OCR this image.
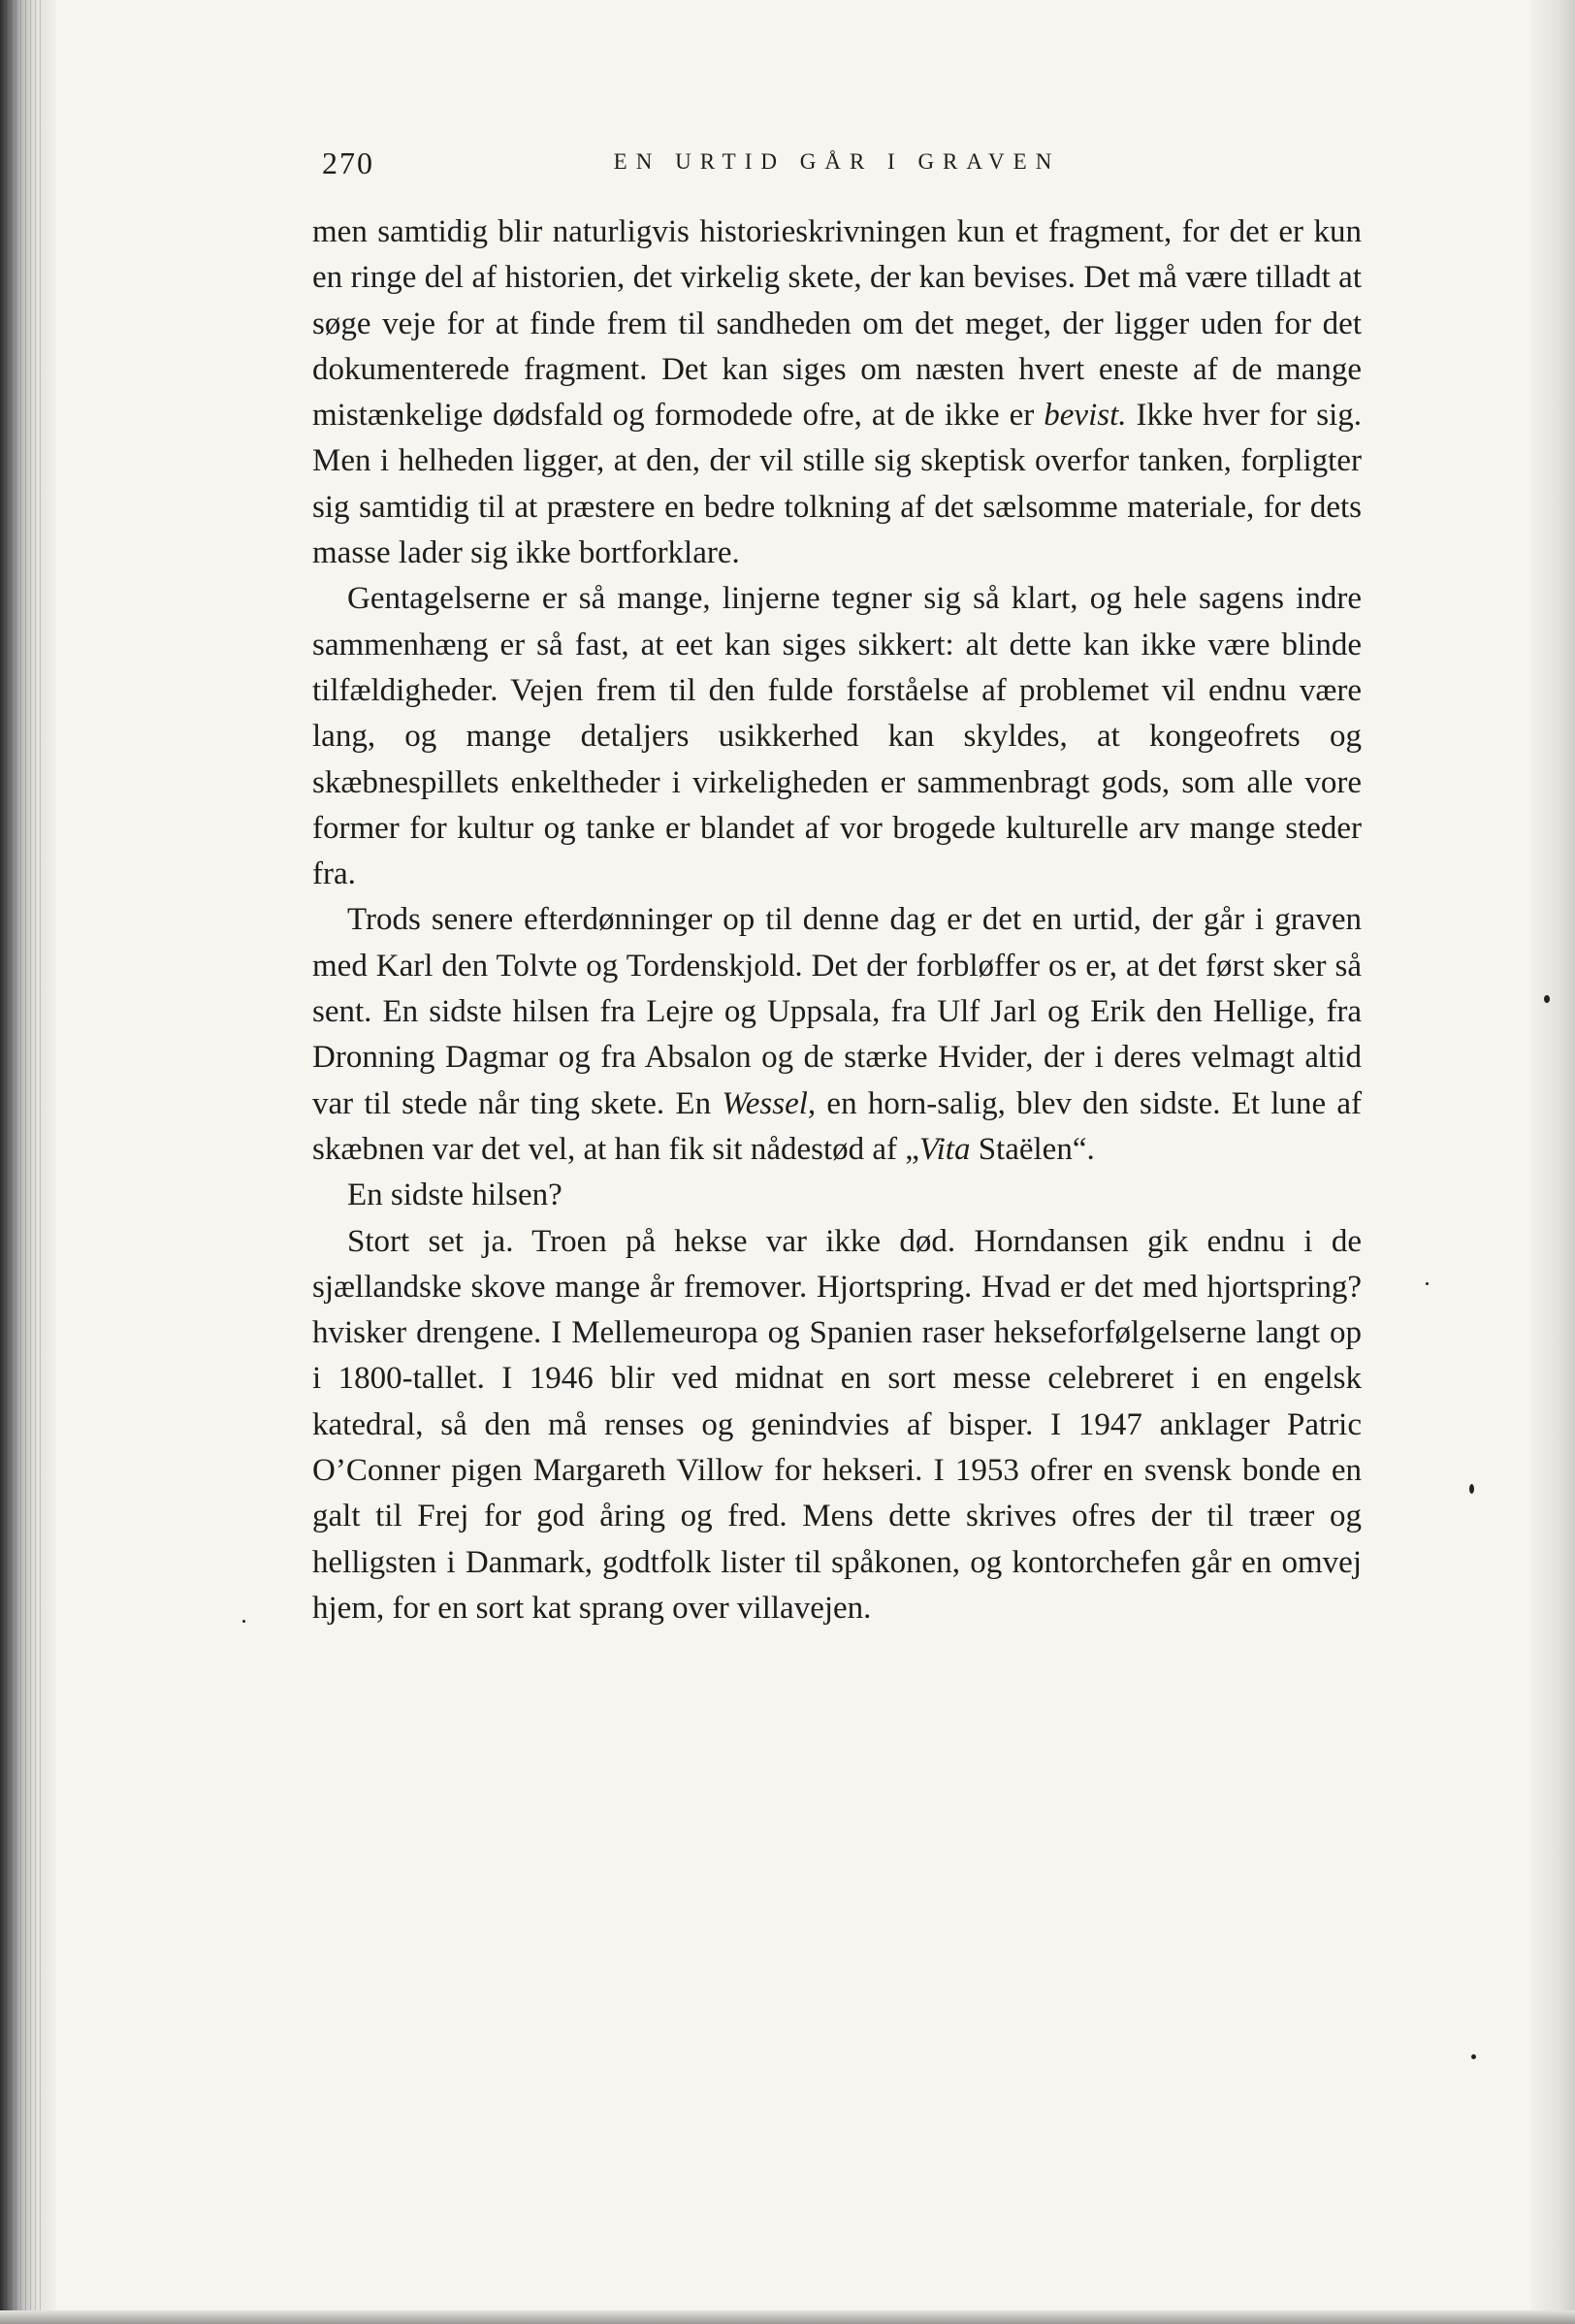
270	EN URTID GÅR I GRAVEN

men samtidig blir naturligvis historieskrivningen kun et fragment, for det er kun en ringe del af historien, det virkelig skete, der kan bevises. Det må være tilladt at søge veje for at finde frem til sandheden om det meget, der ligger uden for det dokumenterede fragment. Det kan siges om næsten hvert eneste af de mange mistænkelige dødsfald og formodede ofre, at de ikke er bevist. Ikke hver for sig. Men i helheden ligger, at den, der vil stille sig skeptisk overfor tanken, forpligter sig samtidig til at præstere en bedre tolkning af det sælsomme materiale, for dets masse lader sig ikke bortforklare.

Gentagelserne er så mange, linjerne tegner sig så klart, og hele sagens indre sammenhæng er så fast, at eet kan siges sikkert: alt dette kan ikke være blinde tilfældigheder. Vejen frem til den fulde forståelse af problemet vil endnu være lang, og mange detaljers usikkerhed kan skyldes, at kongeofrets og skæbnespillets enkeltheder i virkeligheden er sammenbragt gods, som alle vore former for kultur og tanke er blandet af vor brogede kulturelle arv mange steder fra.

Trods senere efterdønninger op til denne dag er det en urtid, der går i graven med Karl den Tolvte og Tordenskjold. Det der forbløffer os er, at det først sker så sent. En sidste hilsen fra Lejre og Uppsala, fra Ulf Jarl og Erik den Hellige, fra Dronning Dagmar og fra Absalon og de stærke Hvider, der i deres velmagt altid var til stede når ting skete. En Wessel, en horn-salig, blev den sidste. Et lune af skæbnen var det vel, at han fik sit nådestød af „Vita Staëlen“.

En sidste hilsen?

Stort set ja. Troen på hekse var ikke død. Horndansen gik endnu i de sjællandske skove mange år fremover. Hjortspring. Hvad er det med hjortspring? hvisker drengene. I Mellemeuropa og Spanien raser hekseforfølgelserne langt op i 1800-tallet. I 1946 blir ved midnat en sort messe celebreret i en engelsk katedral, så den må renses og genindvies af bisper. I 1947 anklager Patric O’Conner pigen Margareth Villow for hekseri. I 1953 ofrer en svensk bonde en galt til Frej for god åring og fred. Mens dette skrives ofres der til træer og helligsten i Danmark, godtfolk lister til spåkonen, og kontorchefen går en omvej hjem, for en sort kat sprang over villavejen.
